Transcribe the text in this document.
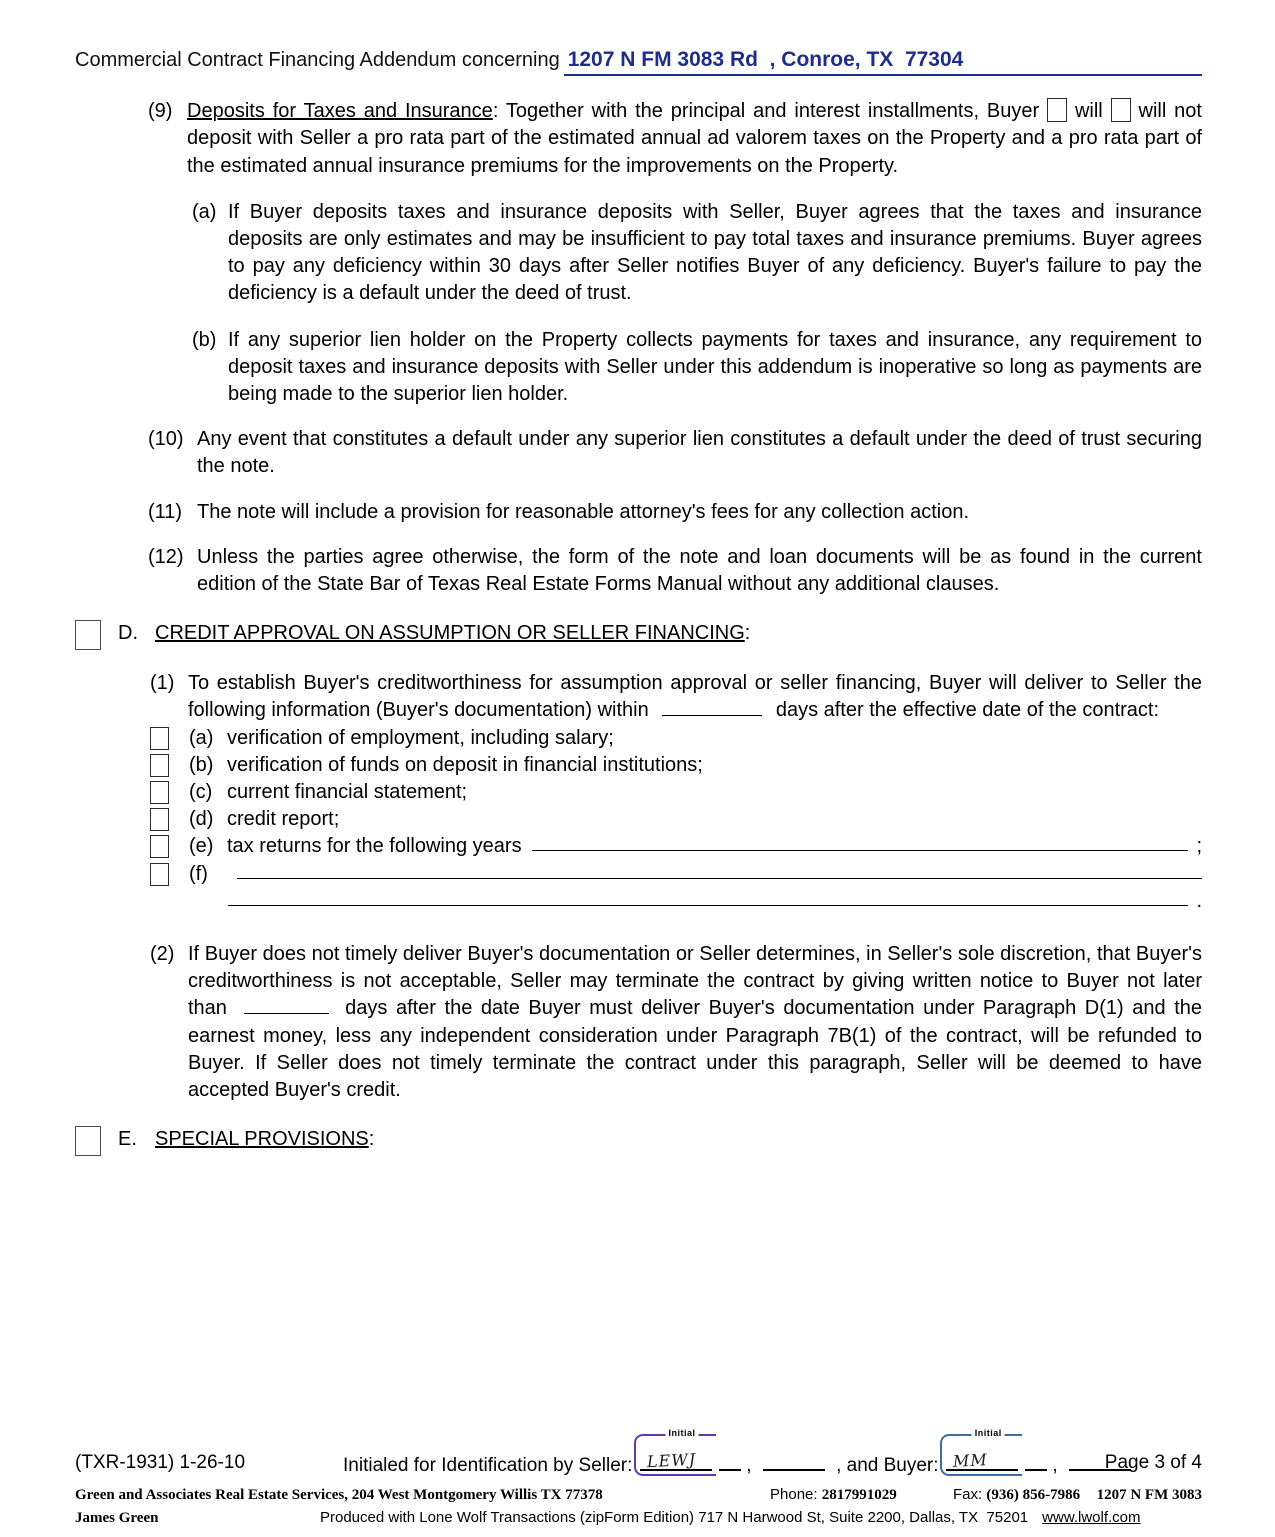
Commercial Contract Financing Addendum concerning 1207 N FM 3083 Rd  , Conroe, TX  77304
(9) Deposits for Taxes and Insurance: Together with the principal and interest installments, Buyer will will not deposit with Seller a pro rata part of the estimated annual ad valorem taxes on the Property and a pro rata part of the estimated annual insurance premiums for the improvements on the Property.
(a) If Buyer deposits taxes and insurance deposits with Seller, Buyer agrees that the taxes and insurance deposits are only estimates and may be insufficient to pay total taxes and insurance premiums. Buyer agrees to pay any deficiency within 30 days after Seller notifies Buyer of any deficiency. Buyer's failure to pay the deficiency is a default under the deed of trust.
(b) If any superior lien holder on the Property collects payments for taxes and insurance, any requirement to deposit taxes and insurance deposits with Seller under this addendum is inoperative so long as payments are being made to the superior lien holder.
(10) Any event that constitutes a default under any superior lien constitutes a default under the deed of trust securing the note.
(11) The note will include a provision for reasonable attorney's fees for any collection action.
(12) Unless the parties agree otherwise, the form of the note and loan documents will be as found in the current edition of the State Bar of Texas Real Estate Forms Manual without any additional clauses.
D. CREDIT APPROVAL ON ASSUMPTION OR SELLER FINANCING:
(1) To establish Buyer's creditworthiness for assumption approval or seller financing, Buyer will deliver to Seller the following information (Buyer's documentation) within	days after the effective date of the contract:
(a) verification of employment, including salary;
(b) verification of funds on deposit in financial institutions;
(c) current financial statement;
(d) credit report;
(e) tax returns for the following years	;
(f)
.
(2) If Buyer does not timely deliver Buyer's documentation or Seller determines, in Seller's sole discretion, that Buyer's creditworthiness is not acceptable, Seller may terminate the contract by giving written notice to Buyer not later than	days after the date Buyer must deliver Buyer's documentation under Paragraph D(1) and the earnest money, less any independent consideration under Paragraph 7B(1) of the contract, will be refunded to Buyer. If Seller does not timely terminate the contract under this paragraph, Seller will be deemed to have accepted Buyer's credit.
E. SPECIAL PROVISIONS:
(TXR-1931) 1-26-10	Initialed for Identification by Seller:
Initial
LEWJ	,	, and Buyer:
Initial
MM	,	Page 3 of 4
Green and Associates Real Estate Services, 204 West Montgomery Willis TX 77378	Phone: 2817991029	Fax: (936) 856-7986 1207 N FM 3083
James Green	Produced with Lone Wolf Transactions (zipForm Edition) 717 N Harwood St, Suite 2200, Dallas, TX  75201 www.lwolf.com
